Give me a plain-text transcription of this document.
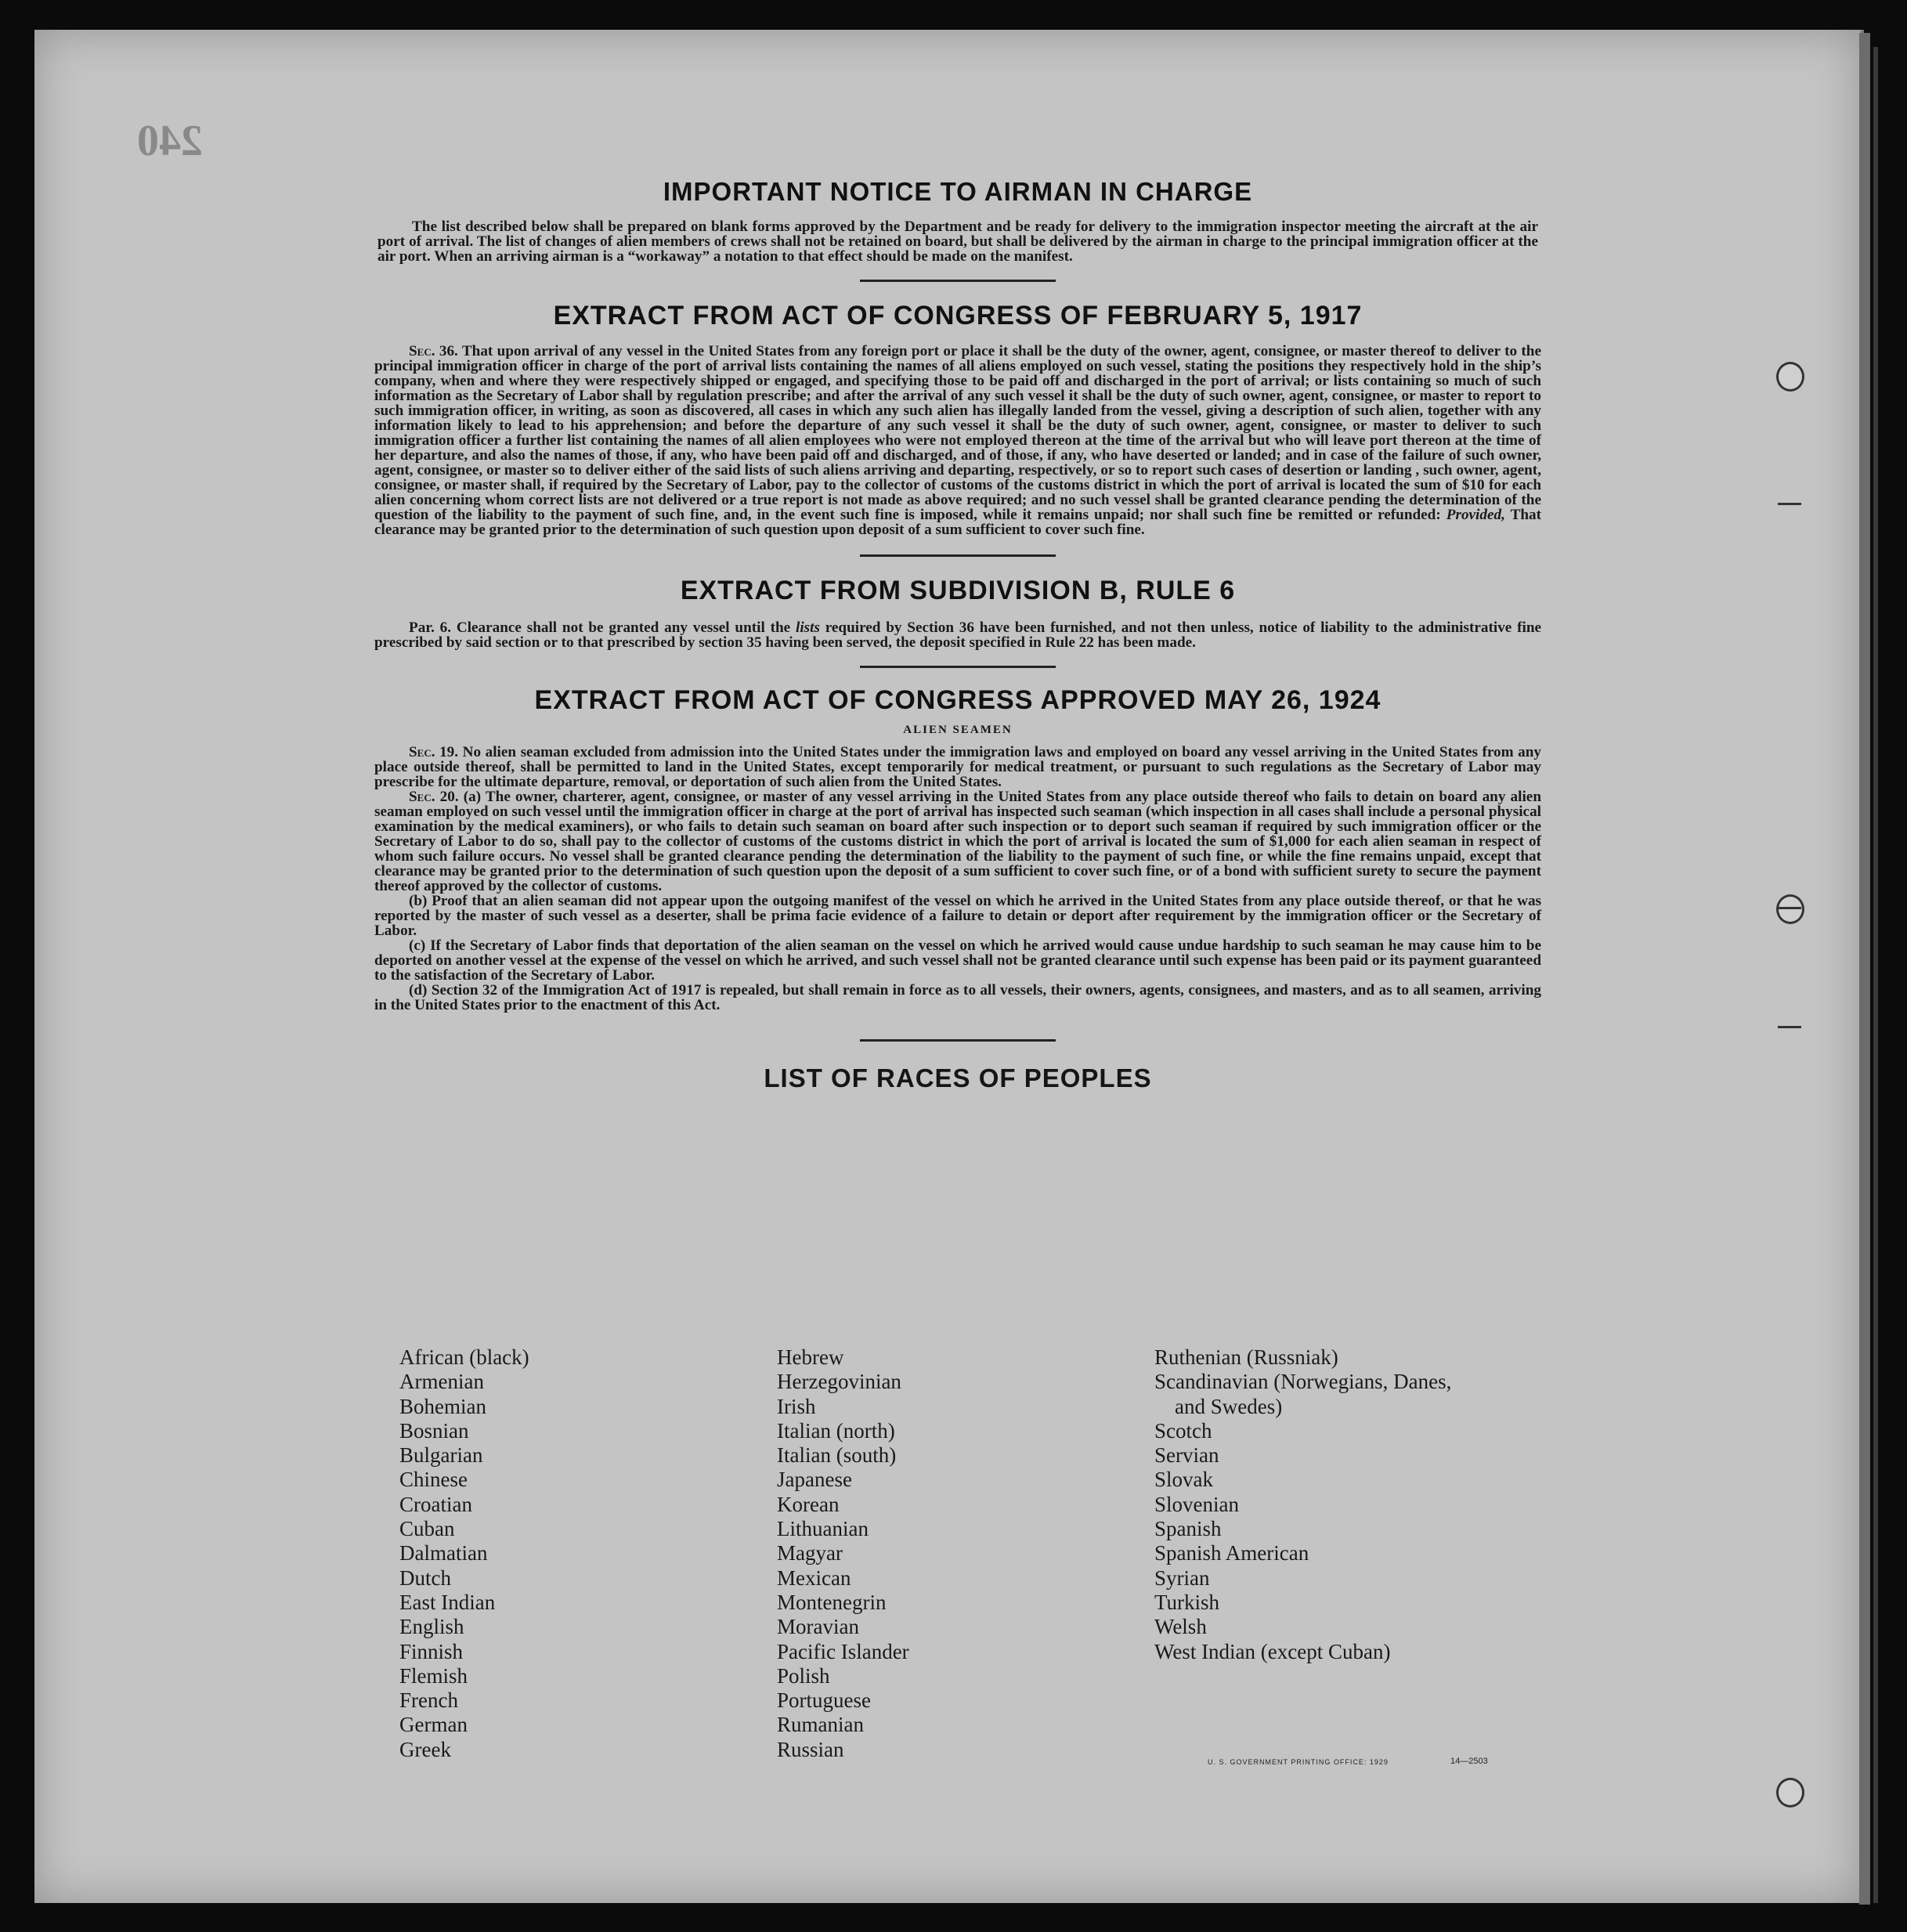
240
IMPORTANT NOTICE TO AIRMAN IN CHARGE

The list described below shall be prepared on blank forms approved by the Department and be ready for delivery to the immigration inspector meeting the aircraft at the air port of arrival. The list of changes of alien members of crews shall not be retained on board, but shall be delivered by the airman in charge to the principal immigration officer at the air port. When an arriving airman is a “workaway” a notation to that effect should be made on the manifest.

EXTRACT FROM ACT OF CONGRESS OF FEBRUARY 5, 1917

Sec. 36. That upon arrival of any vessel in the United States from any foreign port or place it shall be the duty of the owner, agent, consignee, or master thereof to deliver to the principal immigration officer in charge of the port of arrival lists containing the names of all aliens employed on such vessel, stating the positions they respectively hold in the ship’s company, when and where they were respectively shipped or engaged, and specifying those to be paid off and discharged in the port of arrival; or lists containing so much of such information as the Secretary of Labor shall by regulation prescribe; and after the arrival of any such vessel it shall be the duty of such owner, agent, consignee, or master to report to such immigration officer, in writing, as soon as discovered, all cases in which any such alien has illegally landed from the vessel, giving a description of such alien, together with any information likely to lead to his apprehension; and before the departure of any such vessel it shall be the duty of such owner, agent, consignee, or master to deliver to such immigration officer a further list containing the names of all alien employees who were not employed thereon at the time of the arrival but who will leave port thereon at the time of her departure, and also the names of those, if any, who have been paid off and discharged, and of those, if any, who have deserted or landed; and in case of the failure of such owner, agent, consignee, or master so to deliver either of the said lists of such aliens arriving and departing, respectively, or so to report such cases of desertion or landing , such owner, agent, consignee, or master shall, if required by the Secretary of Labor, pay to the collector of customs of the customs district in which the port of arrival is located the sum of $10 for each alien concerning whom correct lists are not delivered or a true report is not made as above required; and no such vessel shall be granted clearance pending the determination of the question of the liability to the payment of such fine, and, in the event such fine is imposed, while it remains unpaid; nor shall such fine be remitted or refunded: Provided, That clearance may be granted prior to the determination of such question upon deposit of a sum sufficient to cover such fine.

EXTRACT FROM SUBDIVISION B, RULE 6

Par. 6. Clearance shall not be granted any vessel until the lists required by Section 36 have been furnished, and not then unless, notice of liability to the administrative fine prescribed by said section or to that prescribed by section 35 having been served, the deposit specified in Rule 22 has been made.

EXTRACT FROM ACT OF CONGRESS APPROVED MAY 26, 1924
ALIEN SEAMEN

Sec. 19. No alien seaman excluded from admission into the United States under the immigration laws and employed on board any vessel arriving in the United States from any place outside thereof, shall be permitted to land in the United States, except temporarily for medical treatment, or pursuant to such regulations as the Secretary of Labor may prescribe for the ultimate departure, removal, or deportation of such alien from the United States.

Sec. 20. (a) The owner, charterer, agent, consignee, or master of any vessel arriving in the United States from any place outside thereof who fails to detain on board any alien seaman employed on such vessel until the immigration officer in charge at the port of arrival has inspected such seaman (which inspection in all cases shall include a personal physical examination by the medical examiners), or who fails to detain such seaman on board after such inspection or to deport such seaman if required by such immigration officer or the Secretary of Labor to do so, shall pay to the collector of customs of the customs district in which the port of arrival is located the sum of $1,000 for each alien seaman in respect of whom such failure occurs. No vessel shall be granted clearance pending the determination of the liability to the payment of such fine, or while the fine remains unpaid, except that clearance may be granted prior to the determination of such question upon the deposit of a sum sufficient to cover such fine, or of a bond with sufficient surety to secure the payment thereof approved by the collector of customs.

(b) Proof that an alien seaman did not appear upon the outgoing manifest of the vessel on which he arrived in the United States from any place outside thereof, or that he was reported by the master of such vessel as a deserter, shall be prima facie evidence of a failure to detain or deport after requirement by the immigration officer or the Secretary of Labor.

(c) If the Secretary of Labor finds that deportation of the alien seaman on the vessel on which he arrived would cause undue hardship to such seaman he may cause him to be deported on another vessel at the expense of the vessel on which he arrived, and such vessel shall not be granted clearance until such expense has been paid or its payment guaranteed to the satisfaction of the Secretary of Labor.

(d) Section 32 of the Immigration Act of 1917 is repealed, but shall remain in force as to all vessels, their owners, agents, consignees, and masters, and as to all seamen, arriving in the United States prior to the enactment of this Act.

LIST OF RACES OF PEOPLES
African (black)
Armenian
Bohemian
Bosnian
Bulgarian
Chinese
Croatian
Cuban
Dalmatian
Dutch
East Indian
English
Finnish
Flemish
French
German
Greek
Hebrew
Herzegovinian
Irish
Italian (north)
Italian (south)
Japanese
Korean
Lithuanian
Magyar
Mexican
Montenegrin
Moravian
Pacific Islander
Polish
Portuguese
Rumanian
Russian
Ruthenian (Russniak)
Scandinavian (Norwegians, Danes,
and Swedes)
Scotch
Servian
Slovak
Slovenian
Spanish
Spanish American
Syrian
Turkish
Welsh
West Indian (except Cuban)
U. S. GOVERNMENT PRINTING OFFICE: 1929	14—2503
